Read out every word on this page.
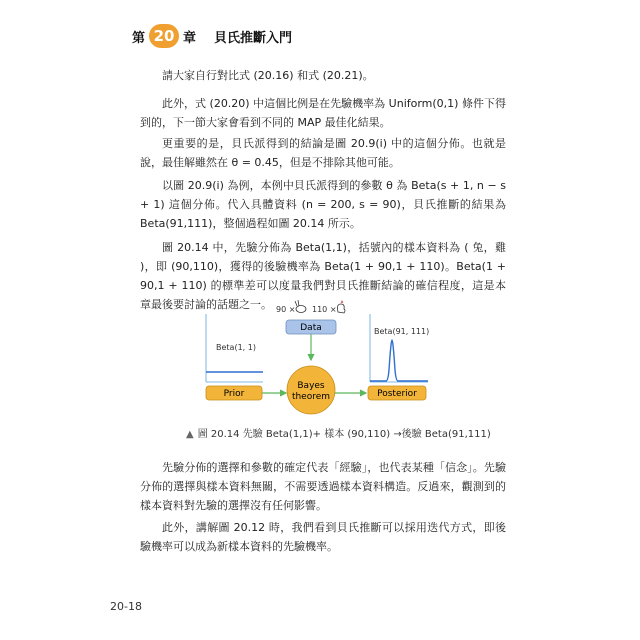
第 20 章 貝氏推斷入門

請大家自行對比式 (20.16) 和式 (20.21)。

此外，式 (20.20) 中這個比例是在先驗機率為 Uniform(0,1) 條件下得到的，下一節大家會看到不同的 MAP 最佳化結果。

更重要的是，貝氏派得到的結論是圖 20.9(i) 中的這個分佈。也就是說，最佳解雖然在 θ = 0.45，但是不排除其他可能。

以圖 20.9(i) 為例，本例中貝氏派得到的參數 θ 為 Beta(s + 1, n − s + 1) 這個分佈。代入具體資料 (n = 200, s = 90)，貝氏推斷的結果為 Beta(91,111)，整個過程如圖 20.14 所示。

圖 20.14 中，先驗分佈為 Beta(1,1)，括號內的樣本資料為 ( 兔，雞 )，即 (90,110)，獲得的後驗機率為 Beta(1 + 90,1 + 110)。Beta(1 + 90,1 + 110) 的標準差可以度量我們對貝氏推斷結論的確信程度，這是本章最後要討論的話題之一。 90 × 110 ×
Data
Beta(1, 1)
Prior
Bayes
theorem
Beta(91, 111)
Posterior
▲ 圖 20.14 先驗 Beta(1,1)+ 樣本 (90,110) →後驗 Beta(91,111)

先驗分佈的選擇和參數的確定代表「經驗」，也代表某種「信念」。先驗分佈的選擇與樣本資料無關，不需要透過樣本資料構造。反過來，觀測到的樣本資料對先驗的選擇沒有任何影響。

此外，講解圖 20.12 時，我們看到貝氏推斷可以採用迭代方式，即後驗機率可以成為新樣本資料的先驗機率。

20-18
